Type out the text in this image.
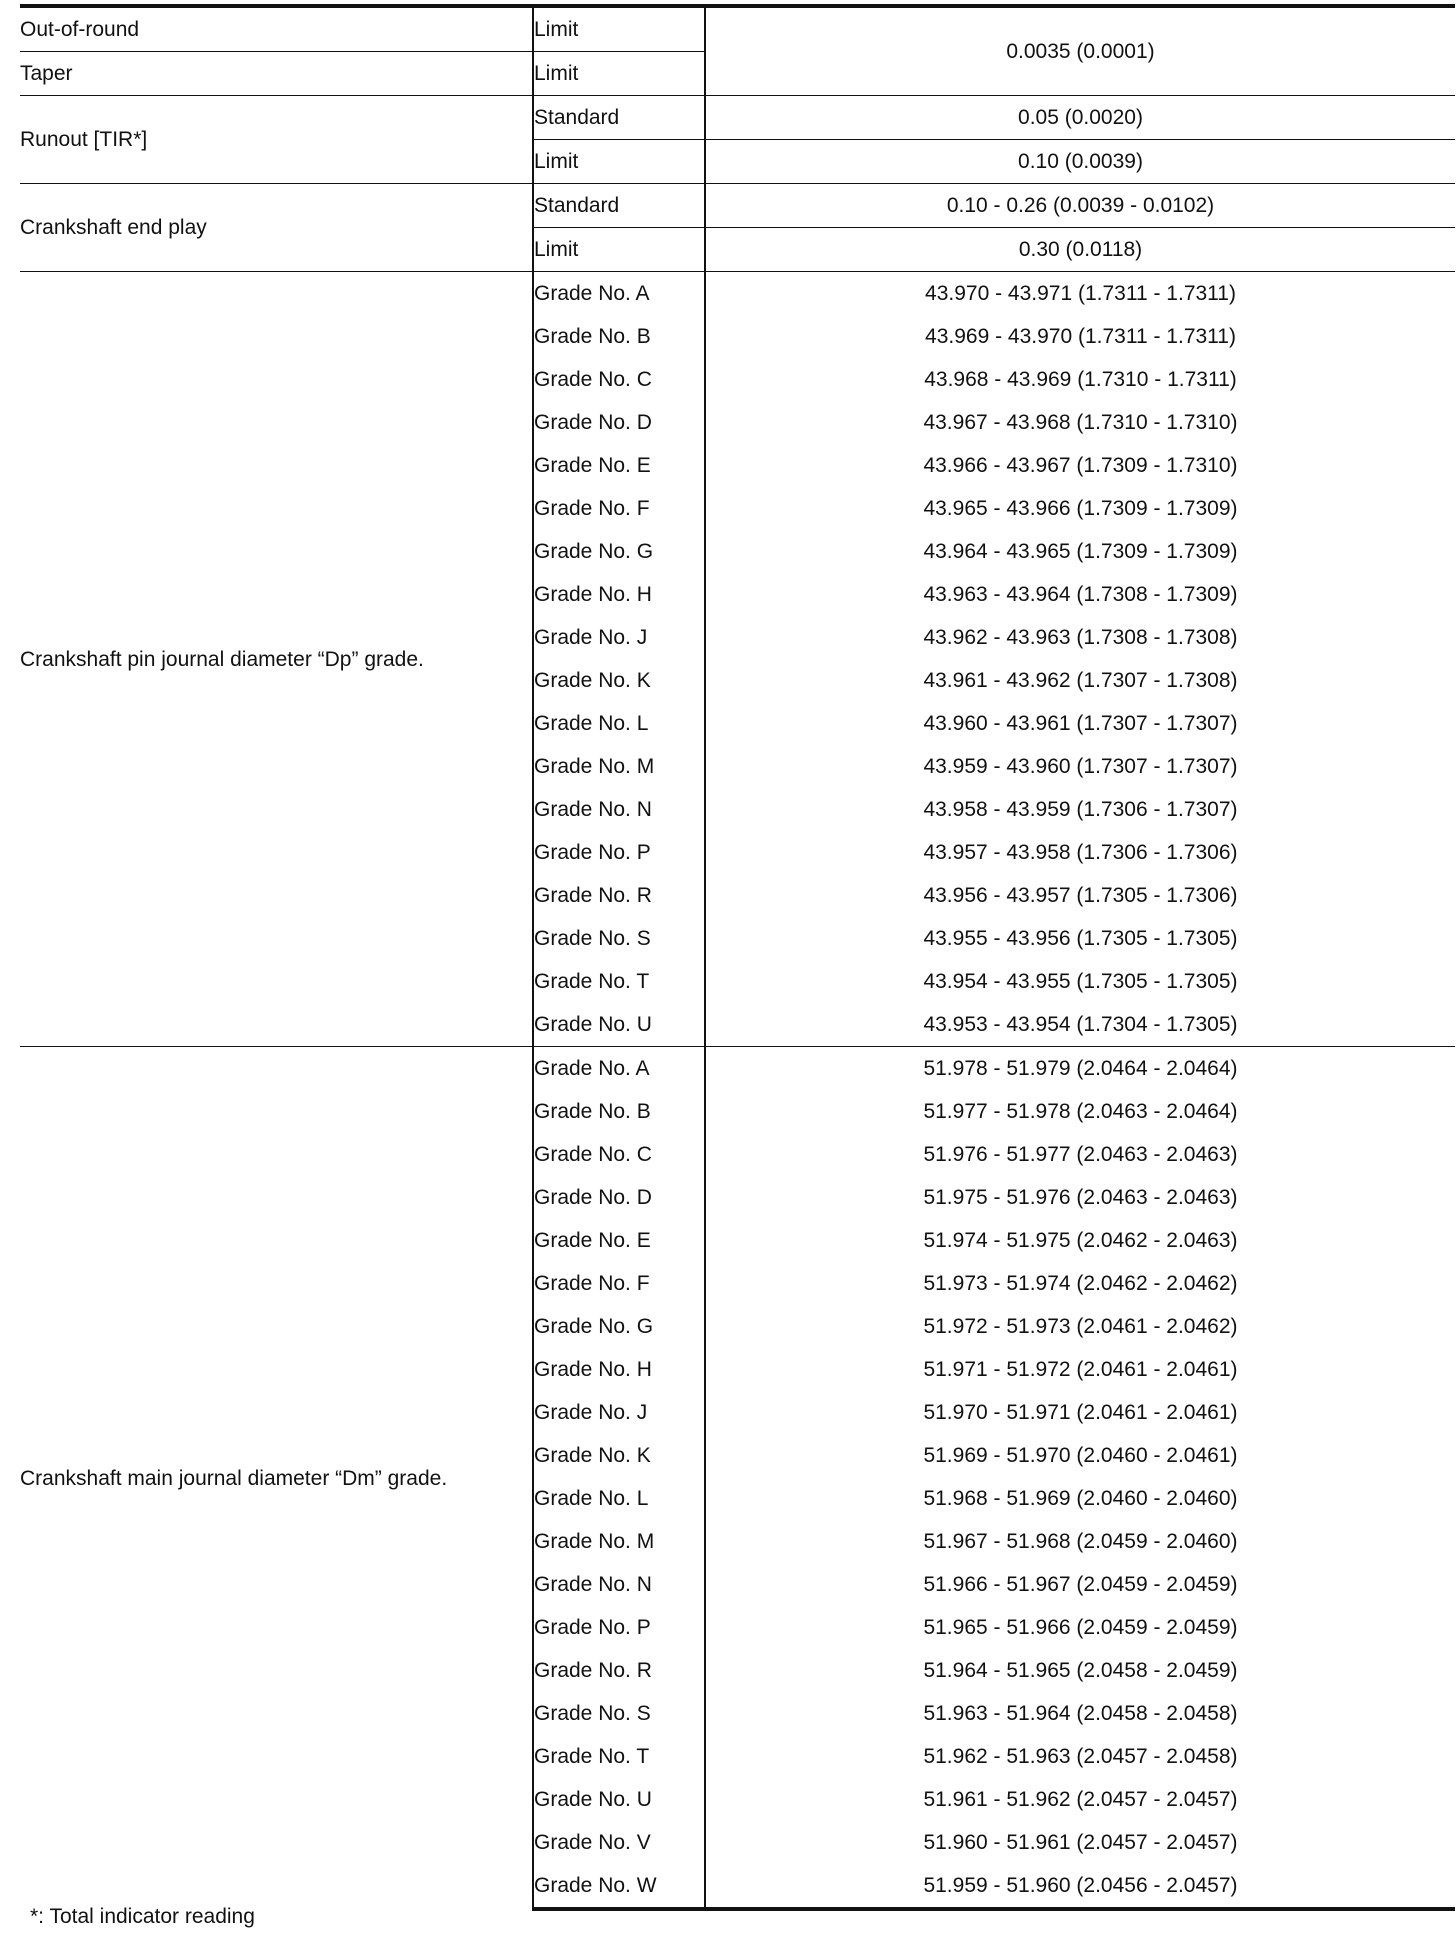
Out-of-round	Limit	0.0035 (0.0001)
Taper	Limit	
Runout [TIR*]	Standard	0.05 (0.0020)
	Limit	0.10 (0.0039)
Crankshaft end play	Standard	0.10 - 0.26 (0.0039 - 0.0102)
	Limit	0.30 (0.0118)
Crankshaft pin journal diameter “Dp” grade.	Grade No. A	43.970 - 43.971 (1.7311 - 1.7311)
	Grade No. B	43.969 - 43.970 (1.7311 - 1.7311)
	Grade No. C	43.968 - 43.969 (1.7310 - 1.7311)
	Grade No. D	43.967 - 43.968 (1.7310 - 1.7310)
	Grade No. E	43.966 - 43.967 (1.7309 - 1.7310)
	Grade No. F	43.965 - 43.966 (1.7309 - 1.7309)
	Grade No. G	43.964 - 43.965 (1.7309 - 1.7309)
	Grade No. H	43.963 - 43.964 (1.7308 - 1.7309)
	Grade No. J	43.962 - 43.963 (1.7308 - 1.7308)
	Grade No. K	43.961 - 43.962 (1.7307 - 1.7308)
	Grade No. L	43.960 - 43.961 (1.7307 - 1.7307)
	Grade No. M	43.959 - 43.960 (1.7307 - 1.7307)
	Grade No. N	43.958 - 43.959 (1.7306 - 1.7307)
	Grade No. P	43.957 - 43.958 (1.7306 - 1.7306)
	Grade No. R	43.956 - 43.957 (1.7305 - 1.7306)
	Grade No. S	43.955 - 43.956 (1.7305 - 1.7305)
	Grade No. T	43.954 - 43.955 (1.7305 - 1.7305)
	Grade No. U	43.953 - 43.954 (1.7304 - 1.7305)
Crankshaft main journal diameter “Dm” grade.	Grade No. A	51.978 - 51.979 (2.0464 - 2.0464)
	Grade No. B	51.977 - 51.978 (2.0463 - 2.0464)
	Grade No. C	51.976 - 51.977 (2.0463 - 2.0463)
	Grade No. D	51.975 - 51.976 (2.0463 - 2.0463)
	Grade No. E	51.974 - 51.975 (2.0462 - 2.0463)
	Grade No. F	51.973 - 51.974 (2.0462 - 2.0462)
	Grade No. G	51.972 - 51.973 (2.0461 - 2.0462)
	Grade No. H	51.971 - 51.972 (2.0461 - 2.0461)
	Grade No. J	51.970 - 51.971 (2.0461 - 2.0461)
	Grade No. K	51.969 - 51.970 (2.0460 - 2.0461)
	Grade No. L	51.968 - 51.969 (2.0460 - 2.0460)
	Grade No. M	51.967 - 51.968 (2.0459 - 2.0460)
	Grade No. N	51.966 - 51.967 (2.0459 - 2.0459)
	Grade No. P	51.965 - 51.966 (2.0459 - 2.0459)
	Grade No. R	51.964 - 51.965 (2.0458 - 2.0459)
	Grade No. S	51.963 - 51.964 (2.0458 - 2.0458)
	Grade No. T	51.962 - 51.963 (2.0457 - 2.0458)
	Grade No. U	51.961 - 51.962 (2.0457 - 2.0457)
	Grade No. V	51.960 - 51.961 (2.0457 - 2.0457)
	Grade No. W	51.959 - 51.960 (2.0456 - 2.0457)
*: Total indicator reading
